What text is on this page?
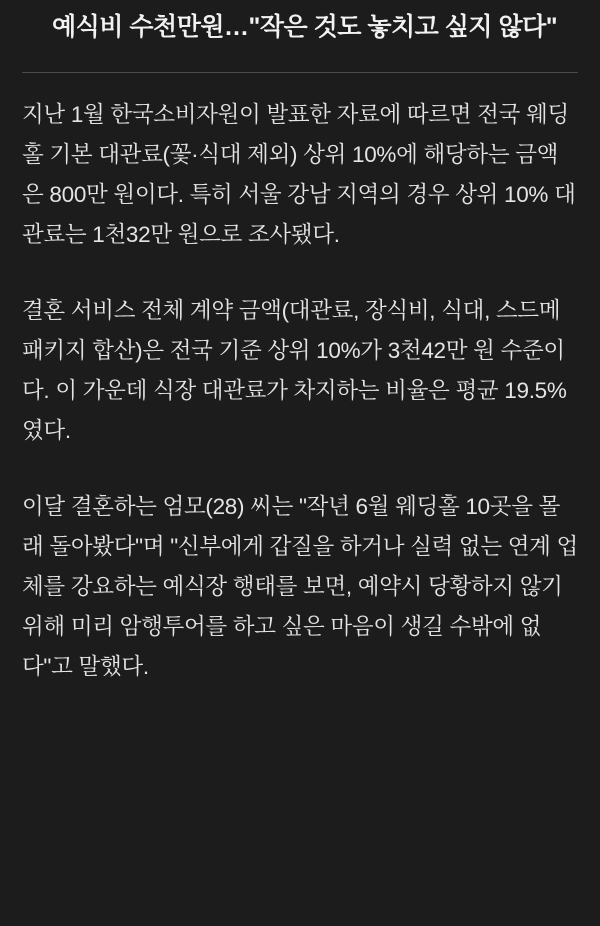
예식비 수천만원…"작은 것도 놓치고 싶지 않다"

지난 1월 한국소비자원이 발표한 자료에 따르면 전국 웨딩홀 기본 대관료(꽃·식대 제외) 상위 10%에 해당하는 금액은 800만 원이다. 특히 서울 강남 지역의 경우 상위 10% 대관료는 1천32만 원으로 조사됐다.

결혼 서비스 전체 계약 금액(대관료, 장식비, 식대, 스드메 패키지 합산)은 전국 기준 상위 10%가 3천42만 원 수준이다. 이 가운데 식장 대관료가 차지하는 비율은 평균 19.5%였다.

이달 결혼하는 엄모(28) 씨는 "작년 6월 웨딩홀 10곳을 몰래 돌아봤다"며 "신부에게 갑질을 하거나 실력 없는 연계 업체를 강요하는 예식장 행태를 보면, 예약시 당황하지 않기 위해 미리 암행투어를 하고 싶은 마음이 생길 수밖에 없다"고 말했다.
